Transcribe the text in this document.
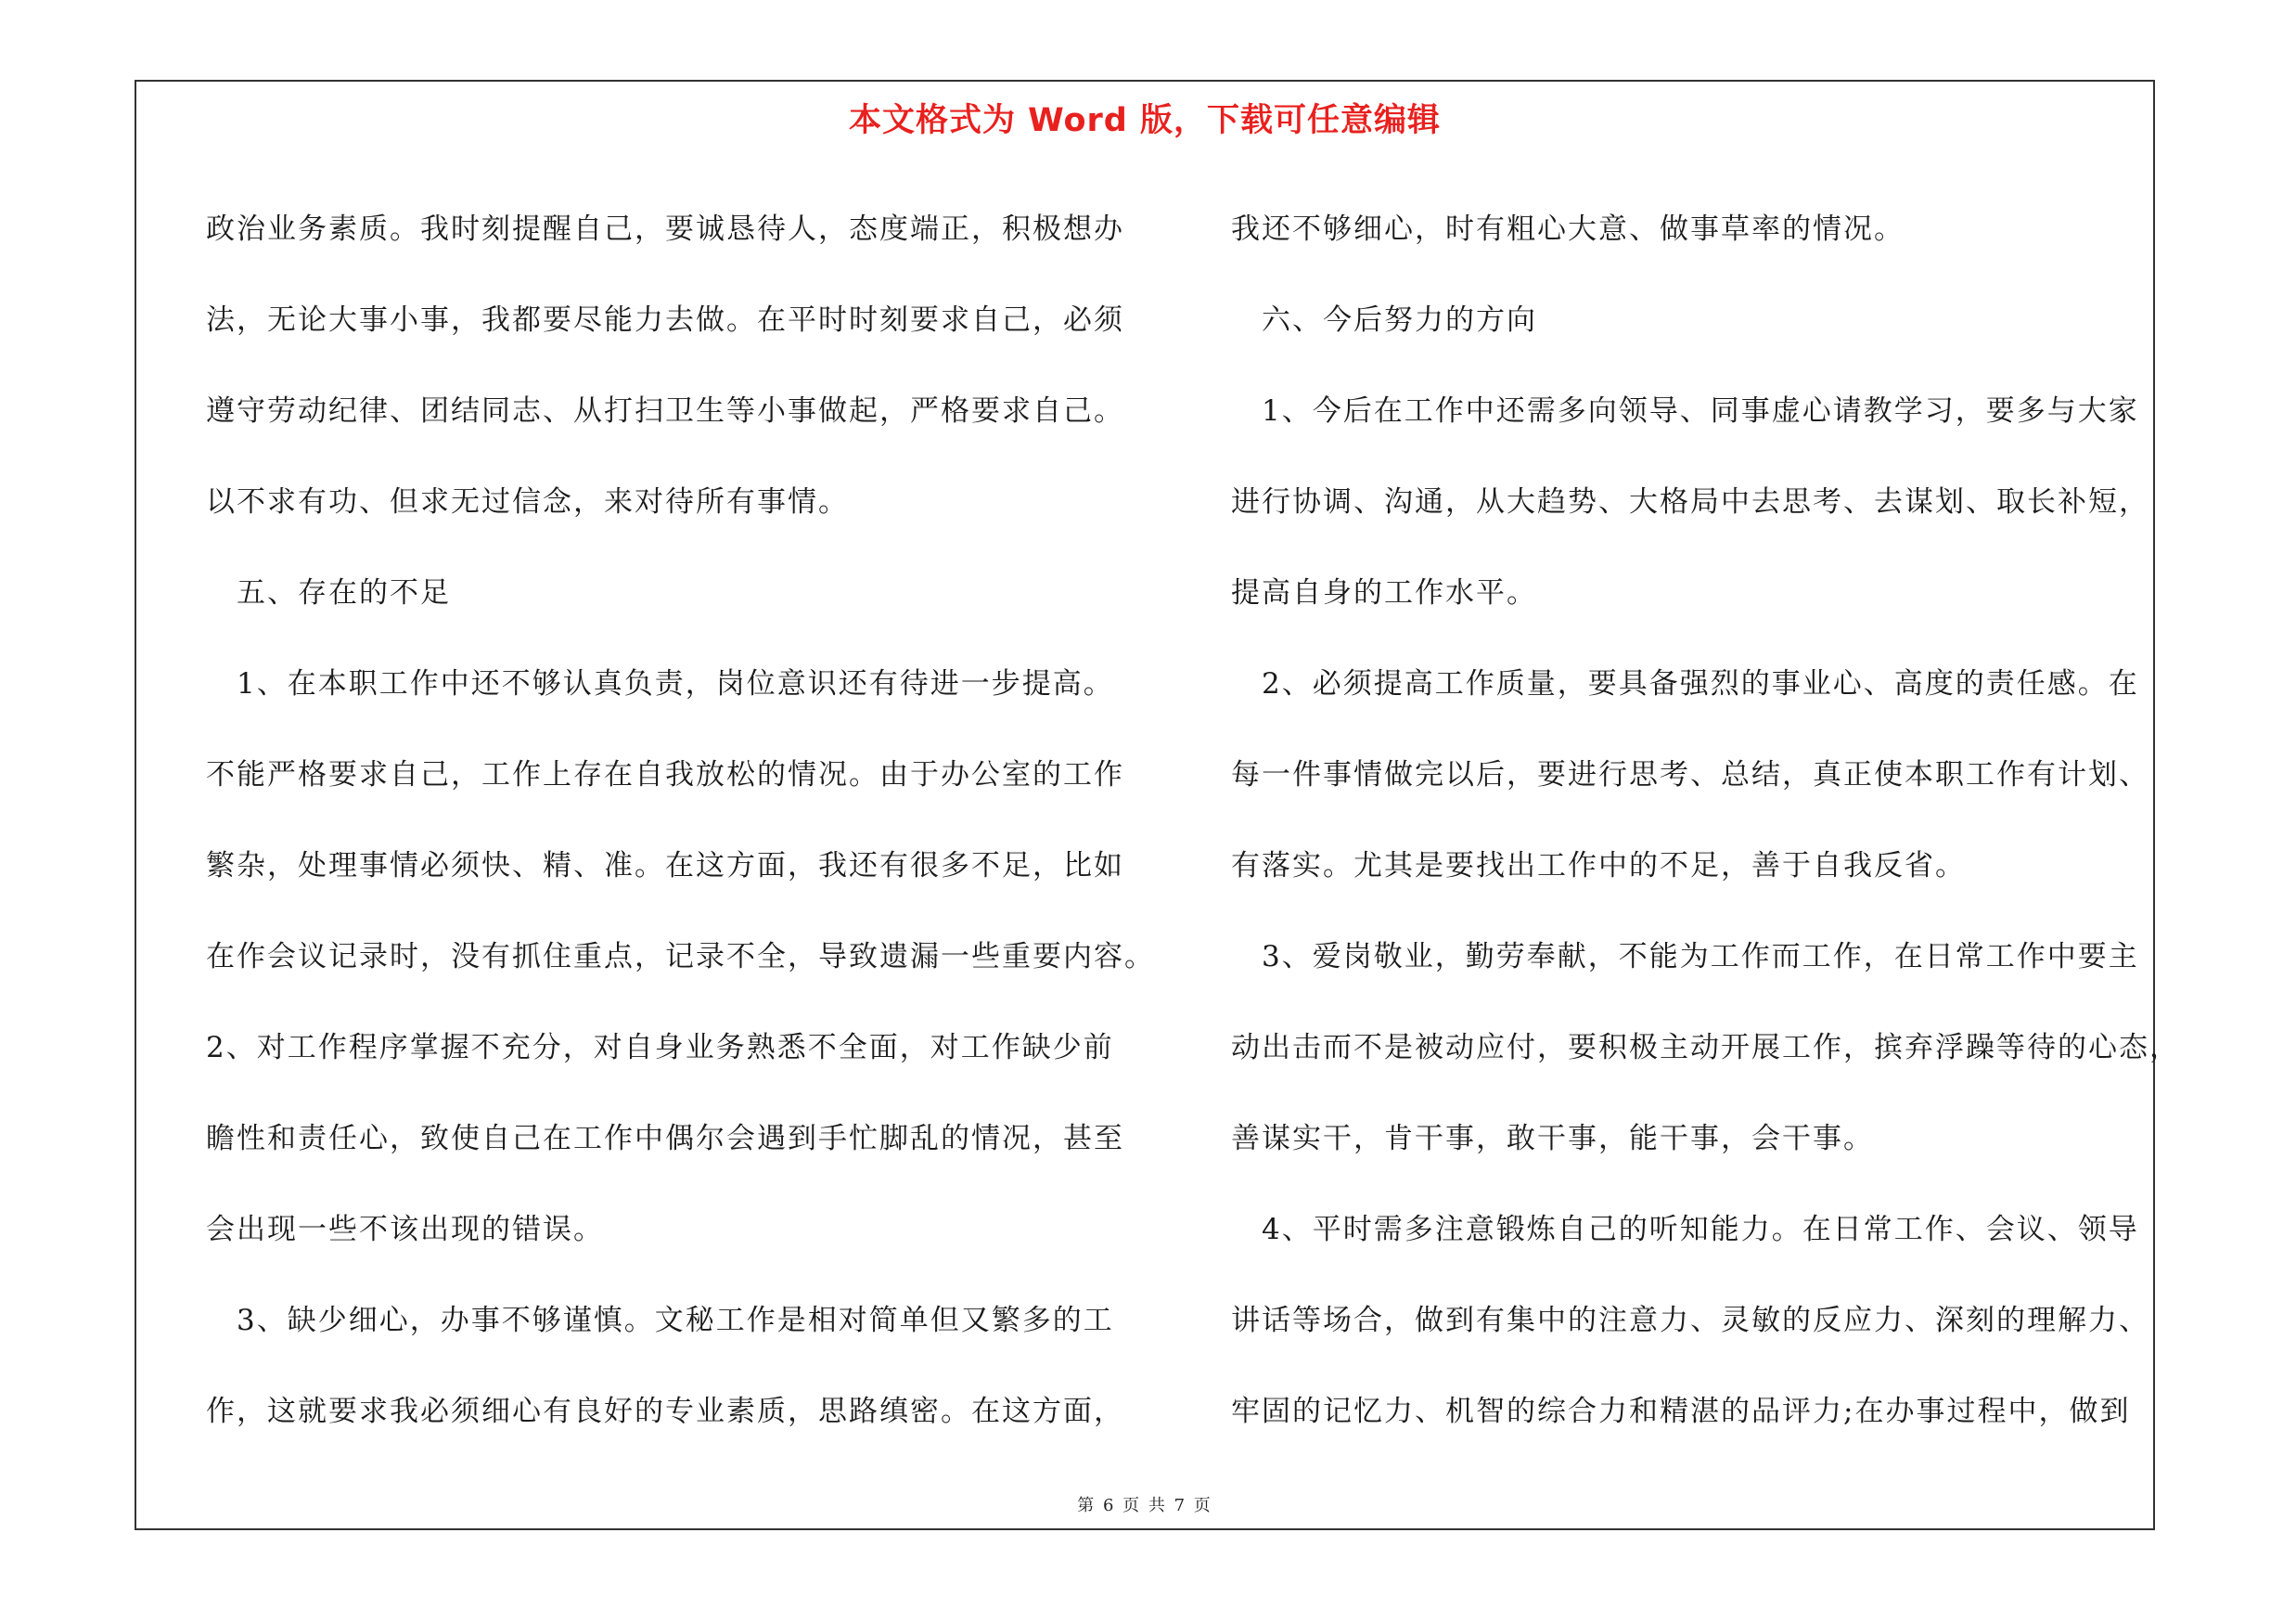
本文格式为 Word 版，下载可任意编辑
政治业务素质。我时刻提醒自己，要诚恳待人，态度端正，积极想办
法，无论大事小事，我都要尽能力去做。在平时时刻要求自己，必须
遵守劳动纪律、团结同志、从打扫卫生等小事做起，严格要求自己。
以不求有功、但求无过信念，来对待所有事情。
　五、存在的不足
　1、在本职工作中还不够认真负责，岗位意识还有待进一步提高。
不能严格要求自己，工作上存在自我放松的情况。由于办公室的工作
繁杂，处理事情必须快、精、准。在这方面，我还有很多不足，比如
在作会议记录时，没有抓住重点，记录不全，导致遗漏一些重要内容。
2、对工作程序掌握不充分，对自身业务熟悉不全面，对工作缺少前
瞻性和责任心，致使自己在工作中偶尔会遇到手忙脚乱的情况，甚至
会出现一些不该出现的错误。
　3、缺少细心，办事不够谨慎。文秘工作是相对简单但又繁多的工
作，这就要求我必须细心有良好的专业素质，思路缜密。在这方面，
我还不够细心，时有粗心大意、做事草率的情况。
　六、今后努力的方向
　1、今后在工作中还需多向领导、同事虚心请教学习，要多与大家
进行协调、沟通，从大趋势、大格局中去思考、去谋划、取长补短，
提高自身的工作水平。
　2、必须提高工作质量，要具备强烈的事业心、高度的责任感。在
每一件事情做完以后，要进行思考、总结，真正使本职工作有计划、
有落实。尤其是要找出工作中的不足，善于自我反省。
　3、爱岗敬业，勤劳奉献，不能为工作而工作，在日常工作中要主
动出击而不是被动应付，要积极主动开展工作，摈弃浮躁等待的心态，
善谋实干，肯干事，敢干事，能干事，会干事。
　4、平时需多注意锻炼自己的听知能力。在日常工作、会议、领导
讲话等场合，做到有集中的注意力、灵敏的反应力、深刻的理解力、
牢固的记忆力、机智的综合力和精湛的品评力;在办事过程中，做到
第 6 页 共 7 页
